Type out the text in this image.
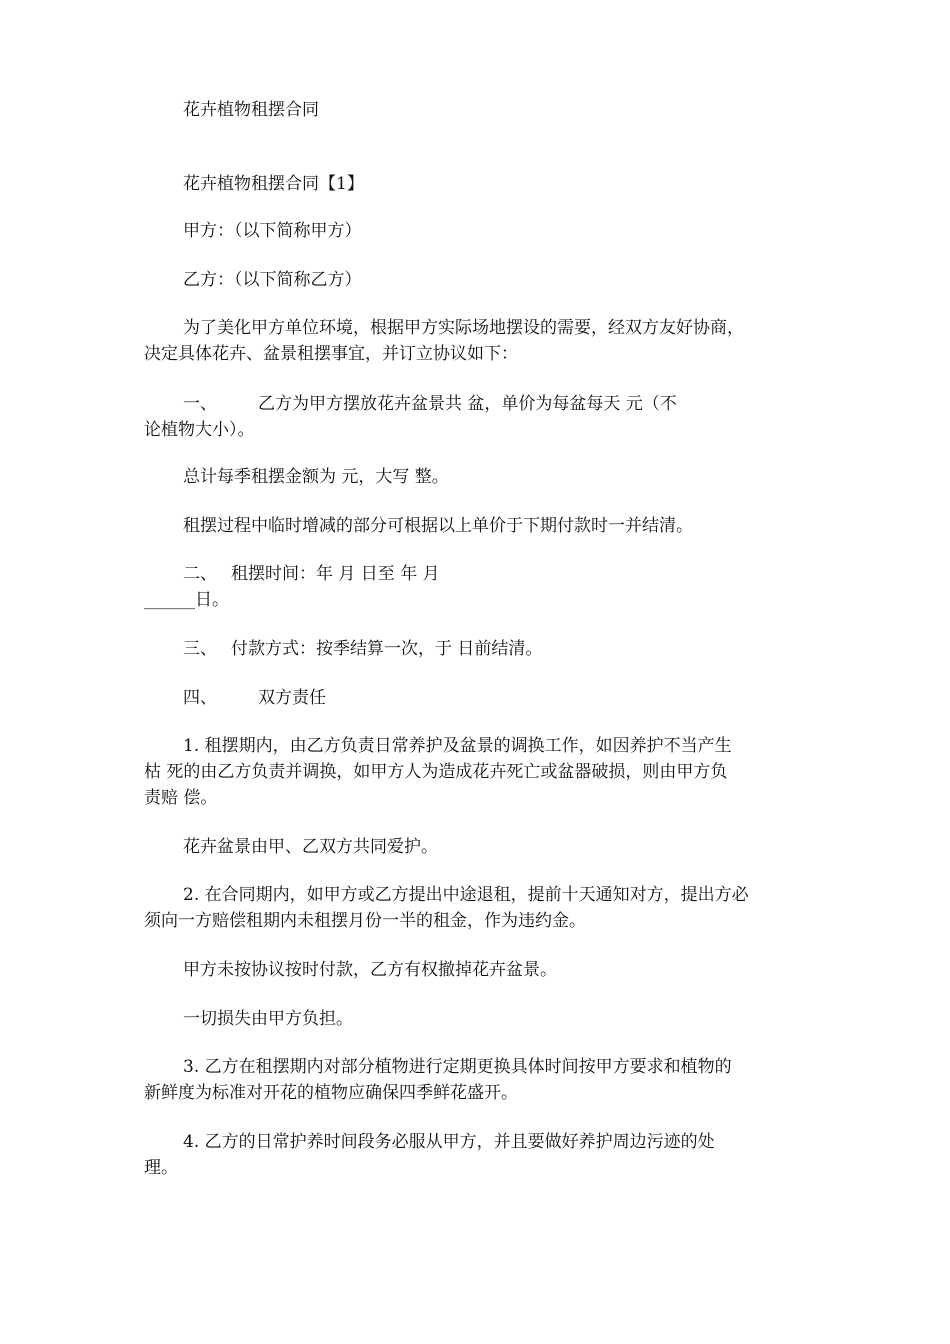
花卉植物租摆合同
花卉植物租摆合同【1】
甲方：（以下简称甲方）
乙方：（以下简称乙方）
为了美化甲方单位环境，根据甲方实际场地摆设的需要，经双方友好协商，
决定具体花卉、盆景租摆事宜，并订立协议如下：
一、 乙方为甲方摆放花卉盆景共 盆，单价为每盆每天 元（不
论植物大小）。
总计每季租摆金额为 元，大写 整。
租摆过程中临时增减的部分可根据以上单价于下期付款时一并结清。
二、 租摆时间：年 月 日至 年 月
______日。
三、 付款方式：按季结算一次，于 日前结清。
四、 双方责任
1. 租摆期内，由乙方负责日常养护及盆景的调换工作，如因养护不当产生
枯 死的由乙方负责并调换，如甲方人为造成花卉死亡或盆器破损，则由甲方负
责赔 偿。
花卉盆景由甲、乙双方共同爱护。
2. 在合同期内，如甲方或乙方提出中途退租，提前十天通知对方，提出方必
须向一方赔偿租期内未租摆月份一半的租金，作为违约金。
甲方未按协议按时付款，乙方有权撤掉花卉盆景。
一切损失由甲方负担。
3. 乙方在租摆期内对部分植物进行定期更换具体时间按甲方要求和植物的
新鲜度为标准对开花的植物应确保四季鲜花盛开。
4. 乙方的日常护养时间段务必服从甲方，并且要做好养护周边污迹的处
理。
